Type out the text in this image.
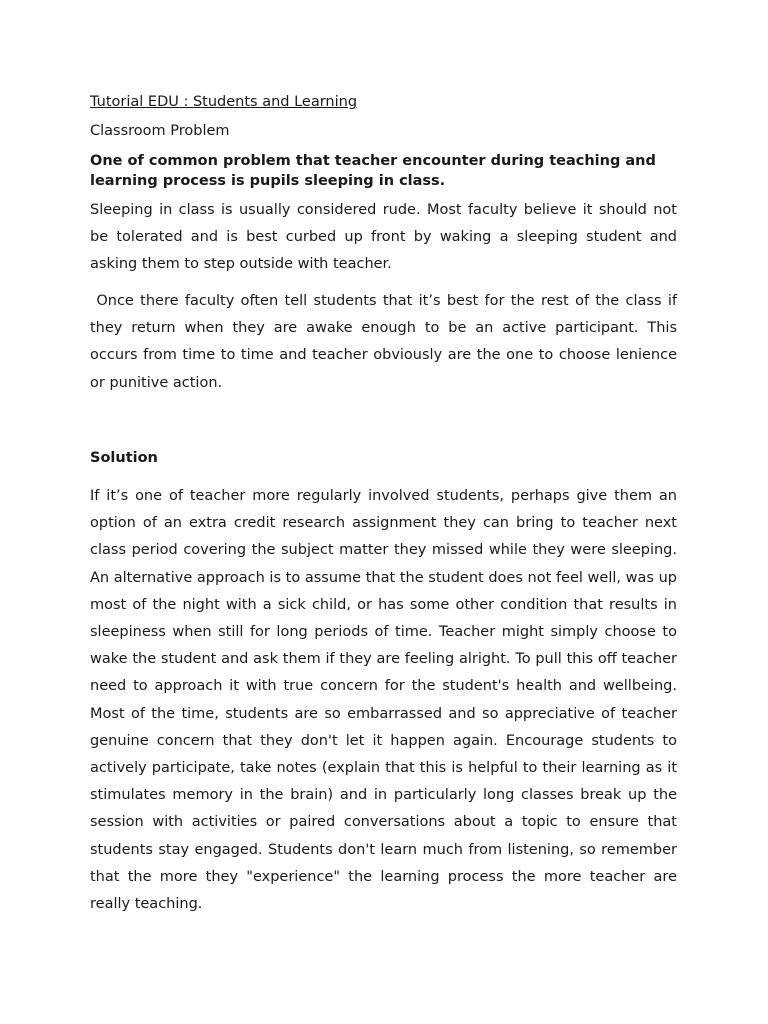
Tutorial EDU : Students and Learning
Classroom Problem
One of common problem that teacher encounter during teaching and learning process is pupils sleeping in class.

Sleeping in class is usually considered rude. Most faculty believe it should not be tolerated and is best curbed up front by waking a sleeping student and asking them to step outside with teacher.

Once there faculty often tell students that it’s best for the rest of the class if they return when they are awake enough to be an active participant. This occurs from time to time and teacher obviously are the one to choose lenience or punitive action.

Solution

If it’s one of teacher more regularly involved students, perhaps give them an option of an extra credit research assignment they can bring to teacher next class period covering the subject matter they missed while they were sleeping. An alternative approach is to assume that the student does not feel well, was up most of the night with a sick child, or has some other condition that results in sleepiness when still for long periods of time. Teacher might simply choose to wake the student and ask them if they are feeling alright. To pull this off teacher need to approach it with true concern for the student's health and wellbeing. Most of the time, students are so embarrassed and so appreciative of teacher genuine concern that they don't let it happen again. Encourage students to actively participate, take notes (explain that this is helpful to their learning as it stimulates memory in the brain) and in particularly long classes break up the session with activities or paired conversations about a topic to ensure that students stay engaged. Students don't learn much from listening, so remember that the more they "experience" the learning process the more teacher are really teaching.
